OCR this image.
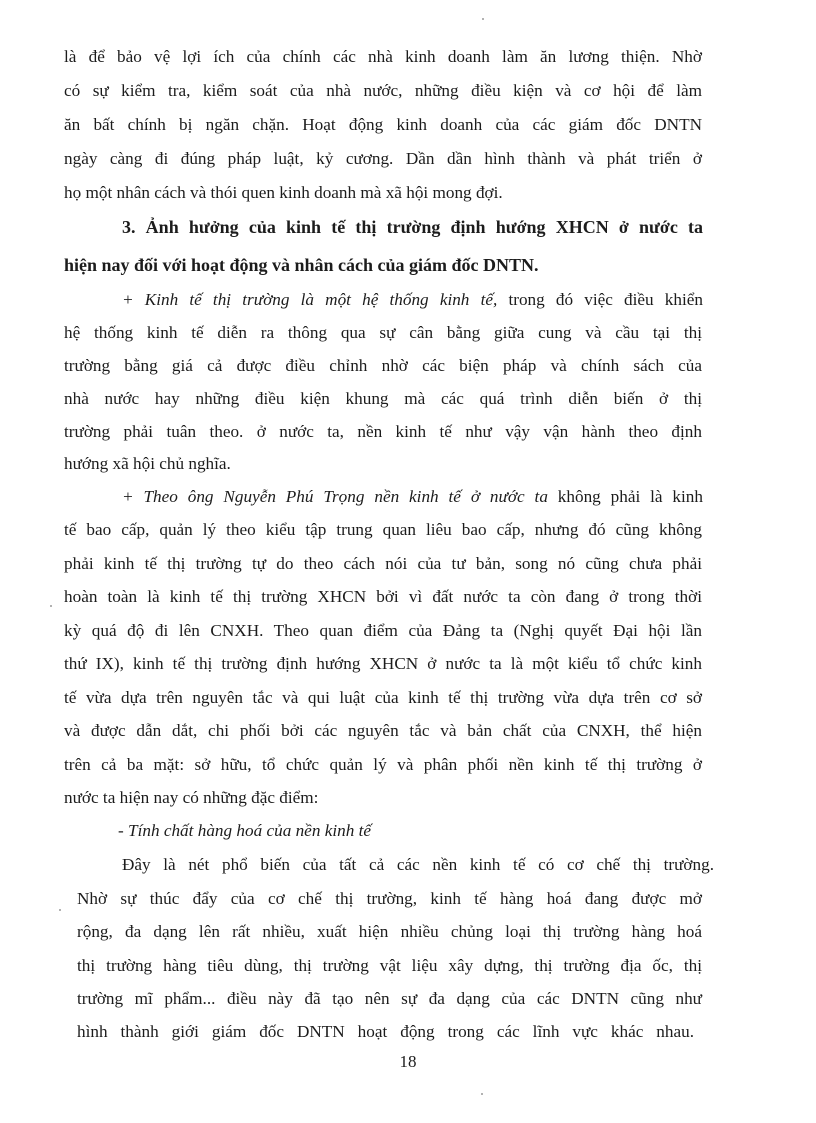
là để bảo vệ lợi ích của chính các nhà kinh doanh làm ăn lương thiện. Nhờ
có sự kiểm tra, kiểm soát của nhà nước, những điều kiện và cơ hội để làm
ăn bất chính bị ngăn chặn. Hoạt động kinh doanh của các giám đốc DNTN
ngày càng đi đúng pháp luật, kỷ cương. Dần dần hình thành và phát triển ở
họ một nhân cách và thói quen kinh doanh mà xã hội mong đợi.
3. Ảnh hưởng của kinh tế thị trường định hướng XHCN ở nước ta
hiện nay đối với hoạt động và nhân cách của giám đốc DNTN.
+ Kinh tế thị trường là một hệ thống kinh tế, trong đó việc điều khiển
hệ thống kinh tế diễn ra thông qua sự cân bằng giữa cung và cầu tại thị
trường bằng giá cả được điều chỉnh nhờ các biện pháp và chính sách của
nhà nước hay những điều kiện khung mà các quá trình diễn biến ở thị
trường phải tuân theo. ở nước ta, nền kinh tế như vậy vận hành theo định
hướng xã hội chủ nghĩa.
+ Theo ông Nguyễn Phú Trọng nền kinh tế ở nước ta không phải là kinh
tế bao cấp, quản lý theo kiểu tập trung quan liêu bao cấp, nhưng đó cũng không
phải kinh tế thị trường tự do theo cách nói của tư bản, song nó cũng chưa phải
hoàn toàn là kinh tế thị trường XHCN bởi vì đất nước ta còn đang ở trong thời
kỳ quá độ đi lên CNXH. Theo quan điểm của Đảng ta (Nghị quyết Đại hội lần
thứ IX), kinh tế thị trường định hướng XHCN ở nước ta là một kiểu tổ chức kinh
tế vừa dựa trên nguyên tắc và qui luật của kinh tế thị trường vừa dựa trên cơ sở
và được dẫn dắt, chi phối bởi các nguyên tắc và bản chất của CNXH, thể hiện
trên cả ba mặt: sở hữu, tổ chức quản lý và phân phối nền kinh tế thị trường ở
nước ta hiện nay có những đặc điểm:
- Tính chất hàng hoá của nền kinh tế
Đây là nét phổ biến của tất cả các nền kinh tế có cơ chế thị trường.
Nhờ sự thúc đẩy của cơ chế thị trường, kinh tế hàng hoá đang được mở
rộng, đa dạng lên rất nhiều, xuất hiện nhiều chủng loại thị trường hàng hoá
thị trường hàng tiêu dùng, thị trường vật liệu xây dựng, thị trường địa ốc, thị
trường mĩ phẩm... điều này đã tạo nên sự đa dạng của các DNTN cũng như
hình thành giới giám đốc DNTN hoạt động trong các lĩnh vực khác nhau.
18
